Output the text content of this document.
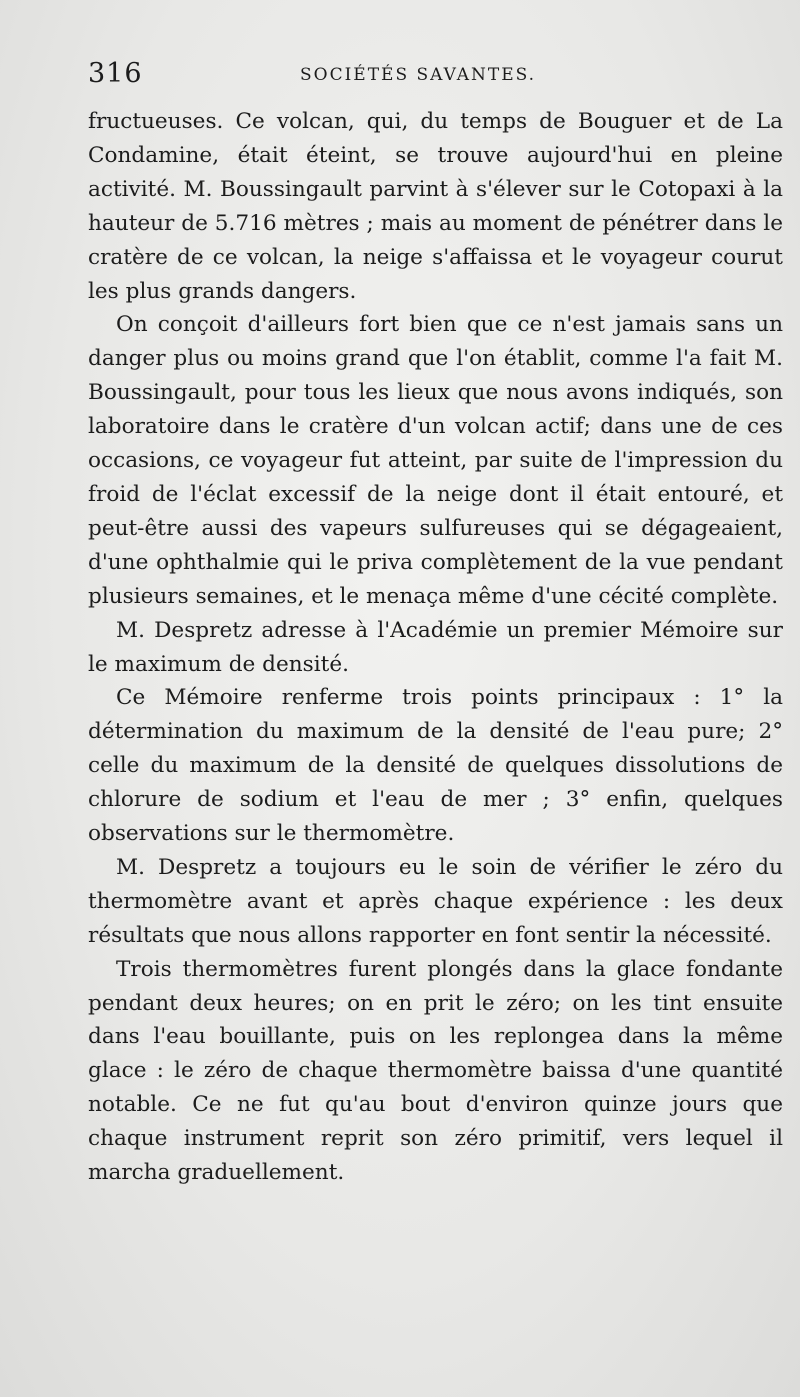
316	SOCIÉTÉS SAVANTES.

fructueuses. Ce volcan, qui, du temps de Bouguer et de La Condamine, était éteint, se trouve aujourd'hui en pleine activité. M. Boussingault parvint à s'élever sur le Cotopaxi à la hauteur de 5.716 mètres ; mais au moment de pénétrer dans le cratère de ce volcan, la neige s'affaissa et le voyageur courut les plus grands dangers.

On conçoit d'ailleurs fort bien que ce n'est jamais sans un danger plus ou moins grand que l'on établit, comme l'a fait M. Boussingault, pour tous les lieux que nous avons indiqués, son laboratoire dans le cratère d'un volcan actif; dans une de ces occasions, ce voyageur fut atteint, par suite de l'impression du froid de l'éclat excessif de la neige dont il était entouré, et peut-être aussi des vapeurs sulfureuses qui se dégageaient, d'une ophthalmie qui le priva complètement de la vue pendant plusieurs semaines, et le menaça même d'une cécité complète.

M. Despretz adresse à l'Académie un premier Mémoire sur le maximum de densité.

Ce Mémoire renferme trois points principaux : 1° la détermination du maximum de la densité de l'eau pure; 2° celle du maximum de la densité de quelques dissolutions de chlorure de sodium et l'eau de mer ; 3° enfin, quelques observations sur le thermomètre.

M. Despretz a toujours eu le soin de vérifier le zéro du thermomètre avant et après chaque expérience : les deux résultats que nous allons rapporter en font sentir la nécessité.

Trois thermomètres furent plongés dans la glace fondante pendant deux heures; on en prit le zéro; on les tint ensuite dans l'eau bouillante, puis on les replongea dans la même glace : le zéro de chaque thermomètre baissa d'une quantité notable. Ce ne fut qu'au bout d'environ quinze jours que chaque instrument reprit son zéro primitif, vers lequel il marcha graduellement.
